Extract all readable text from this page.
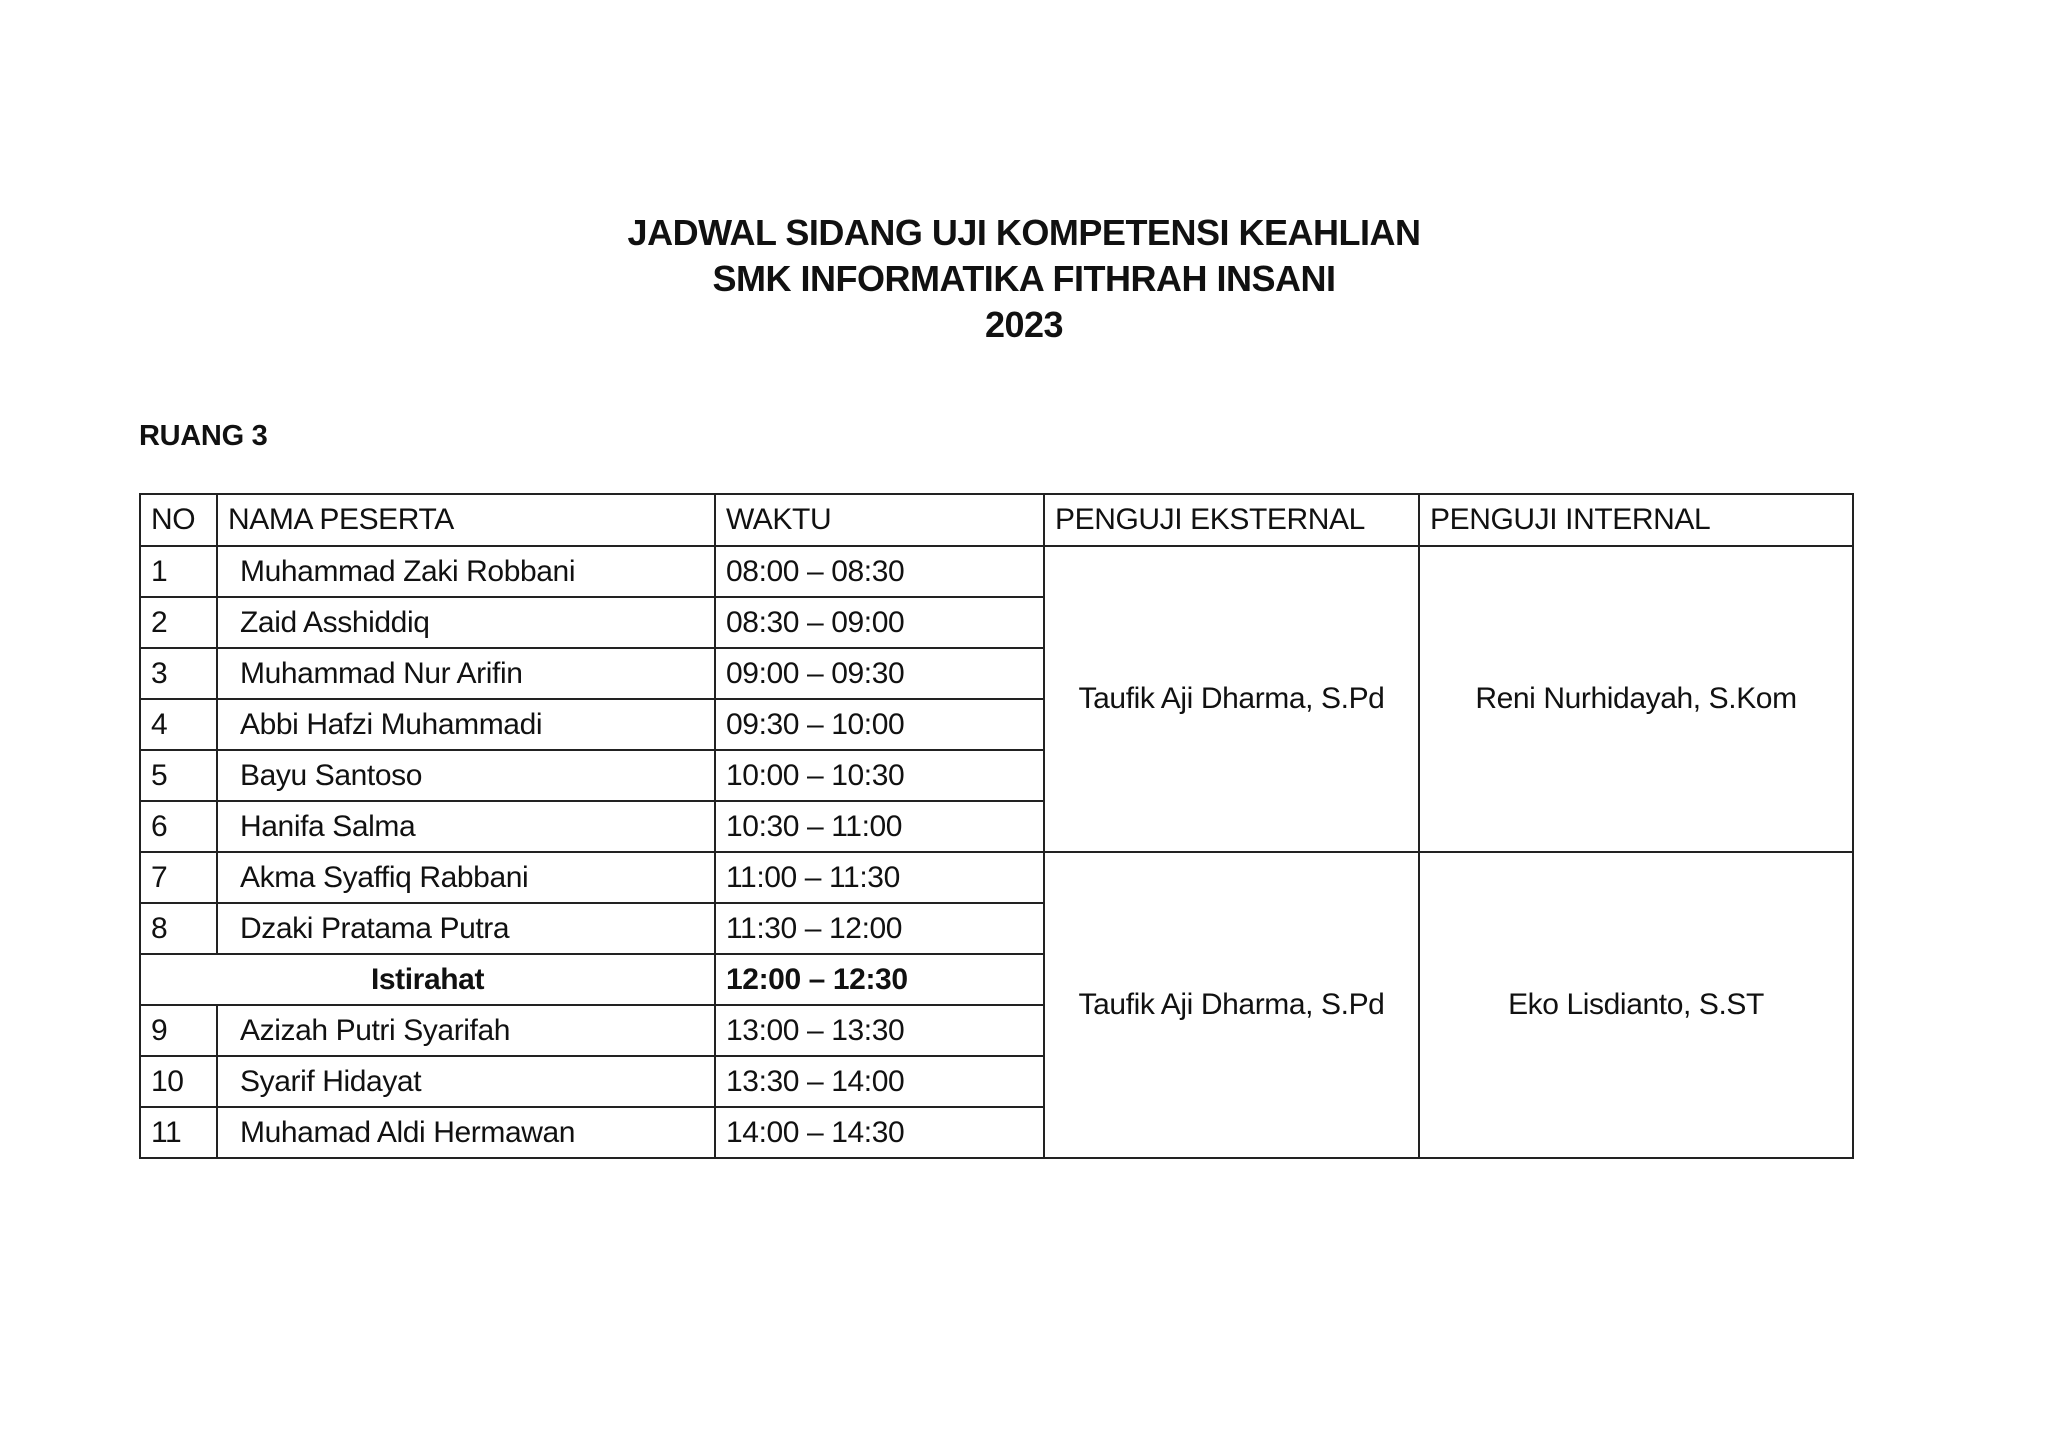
JADWAL SIDANG UJI KOMPETENSI KEAHLIAN
SMK INFORMATIKA FITHRAH INSANI
2023
RUANG 3
NO	NAMA PESERTA	WAKTU	PENGUJI EKSTERNAL	PENGUJI INTERNAL
1	Muhammad Zaki Robbani	08:00 – 08:30	Taufik Aji Dharma, S.Pd	Reni Nurhidayah, S.Kom
2	Zaid Asshiddiq	08:30 – 09:00		
3	Muhammad Nur Arifin	09:00 – 09:30		
4	Abbi Hafzi Muhammadi	09:30 – 10:00		
5	Bayu Santoso	10:00 – 10:30		
6	Hanifa Salma	10:30 – 11:00		
7	Akma Syaffiq Rabbani	11:00 – 11:30	Taufik Aji Dharma, S.Pd	Eko Lisdianto, S.ST
8	Dzaki Pratama Putra	11:30 – 12:00		
Istirahat		12:00 – 12:30		
9	Azizah Putri Syarifah	13:00 – 13:30		
10	Syarif Hidayat	13:30 – 14:00		
11	Muhamad Aldi Hermawan	14:00 – 14:30		
